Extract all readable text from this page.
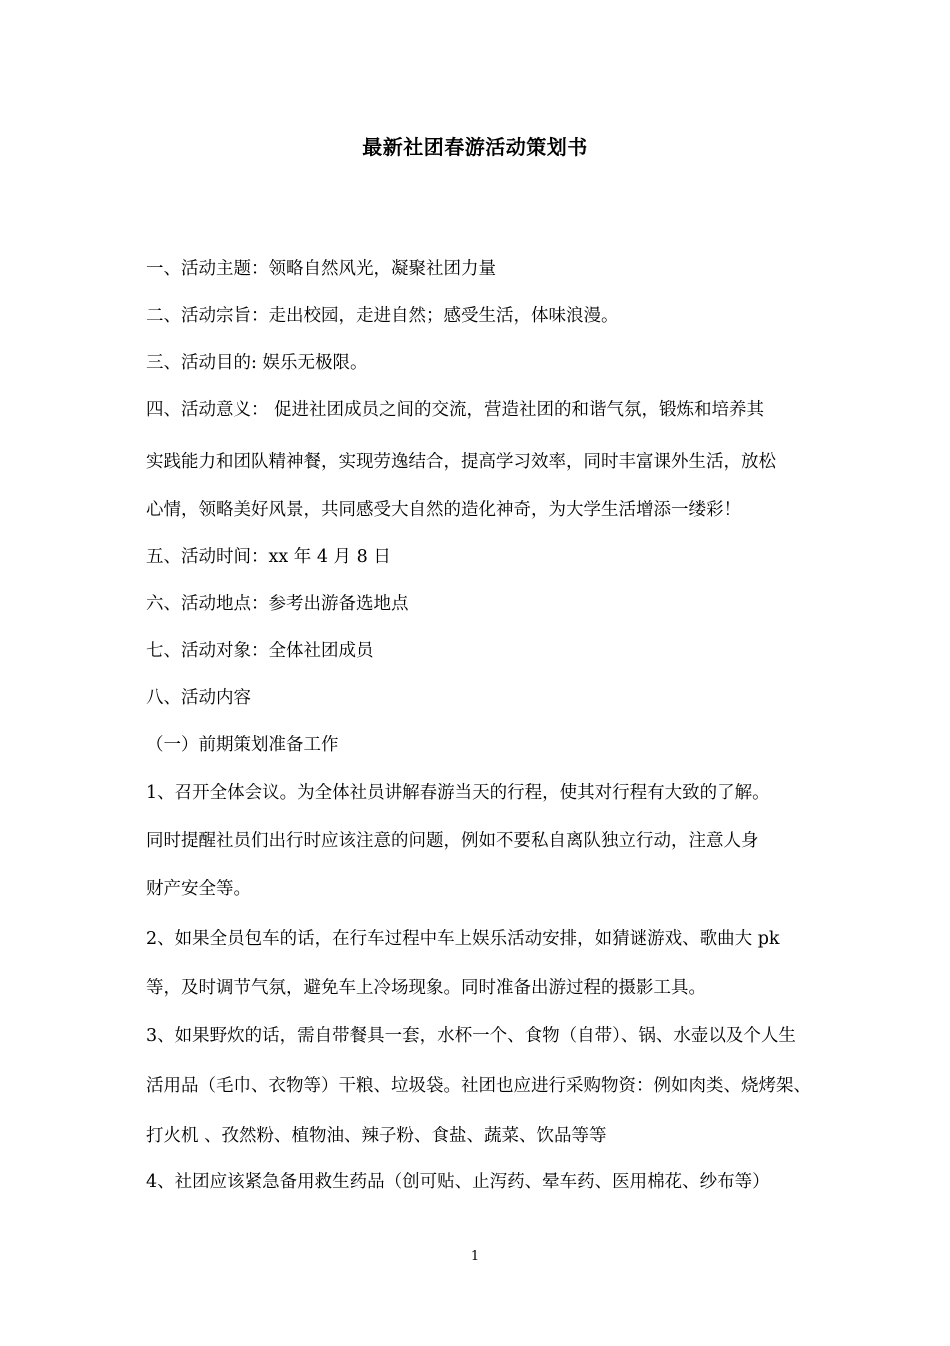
最新社团春游活动策划书
一、活动主题：领略自然风光，凝聚社团力量
二、活动宗旨：走出校园，走进自然；感受生活，体味浪漫。
三、活动目的: 娱乐无极限。
四、活动意义： 促进社团成员之间的交流，营造社团的和谐气氛，锻炼和培养其
实践能力和团队精神餐，实现劳逸结合，提高学习效率，同时丰富课外生活，放松
心情，领略美好风景，共同感受大自然的造化神奇，为大学生活增添一缕彩！
五、活动时间：xx 年 4 月 8 日
六、活动地点：参考出游备选地点
七、活动对象：全体社团成员
八、活动内容
（一）前期策划准备工作
1、召开全体会议。为全体社员讲解春游当天的行程，使其对行程有大致的了解。
同时提醒社员们出行时应该注意的问题，例如不要私自离队独立行动，注意人身
财产安全等。
2、如果全员包车的话，在行车过程中车上娱乐活动安排，如猜谜游戏、歌曲大 pk
等，及时调节气氛，避免车上冷场现象。同时准备出游过程的摄影工具。
3、如果野炊的话，需自带餐具一套，水杯一个、食物（自带）、锅、水壶以及个人生
活用品（毛巾、衣物等）干粮、垃圾袋。社团也应进行采购物资：例如肉类、烧烤架、
打火机 、孜然粉、植物油、辣子粉、食盐、蔬菜、饮品等等
4、社团应该紧急备用救生药品（创可贴、止泻药、晕车药、医用棉花、纱布等）
1
